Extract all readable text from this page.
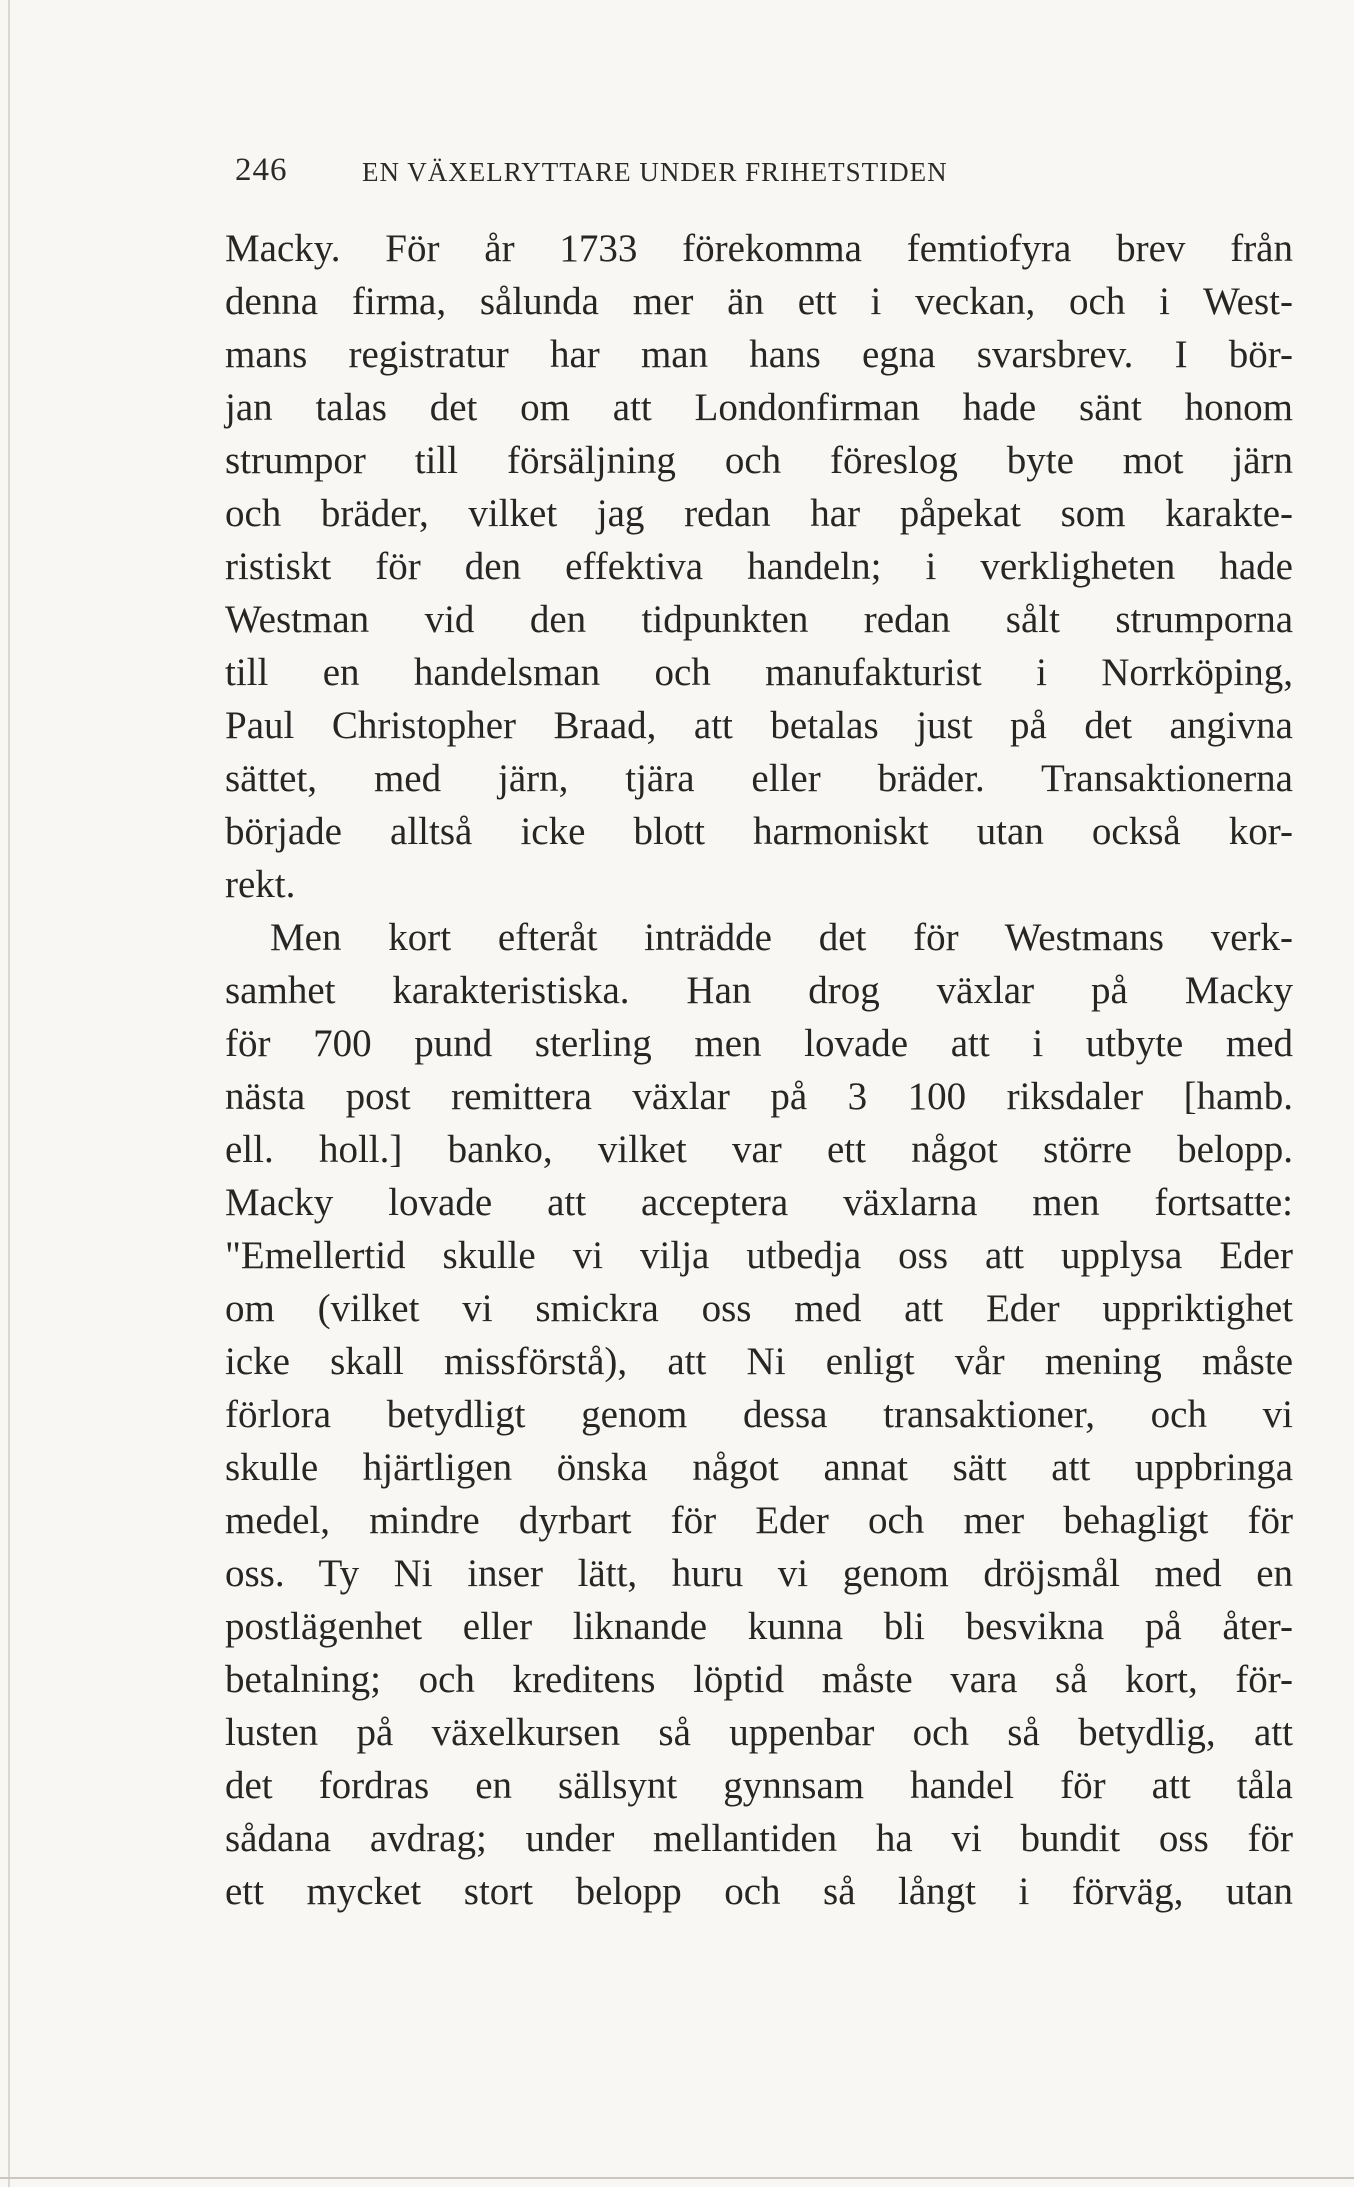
246	EN VÄXELRYTTARE UNDER FRIHETSTIDEN
Macky. För år 1733 förekomma femtiofyra brev från
denna firma, sålunda mer än ett i veckan, och i West-
mans registratur har man hans egna svarsbrev. I bör-
jan talas det om att Londonfirman hade sänt honom
strumpor till försäljning och föreslog byte mot järn
och bräder, vilket jag redan har påpekat som karakte-
ristiskt för den effektiva handeln; i verkligheten hade
Westman vid den tidpunkten redan sålt strumporna
till en handelsman och manufakturist i Norrköping,
Paul Christopher Braad, att betalas just på det angivna
sättet, med järn, tjära eller bräder. Transaktionerna
började alltså icke blott harmoniskt utan också kor-
rekt.
Men kort efteråt inträdde det för Westmans verk-
samhet karakteristiska. Han drog växlar på Macky
för 700 pund sterling men lovade att i utbyte med
nästa post remittera växlar på 3 100 riksdaler [hamb.
ell. holl.] banko, vilket var ett något större belopp.
Macky lovade att acceptera växlarna men fortsatte:
"Emellertid skulle vi vilja utbedja oss att upplysa Eder
om (vilket vi smickra oss med att Eder uppriktighet
icke skall missförstå), att Ni enligt vår mening måste
förlora betydligt genom dessa transaktioner, och vi
skulle hjärtligen önska något annat sätt att uppbringa
medel, mindre dyrbart för Eder och mer behagligt för
oss. Ty Ni inser lätt, huru vi genom dröjsmål med en
postlägenhet eller liknande kunna bli besvikna på åter-
betalning; och kreditens löptid måste vara så kort, för-
lusten på växelkursen så uppenbar och så betydlig, att
det fordras en sällsynt gynnsam handel för att tåla
sådana avdrag; under mellantiden ha vi bundit oss för
ett mycket stort belopp och så långt i förväg, utan
